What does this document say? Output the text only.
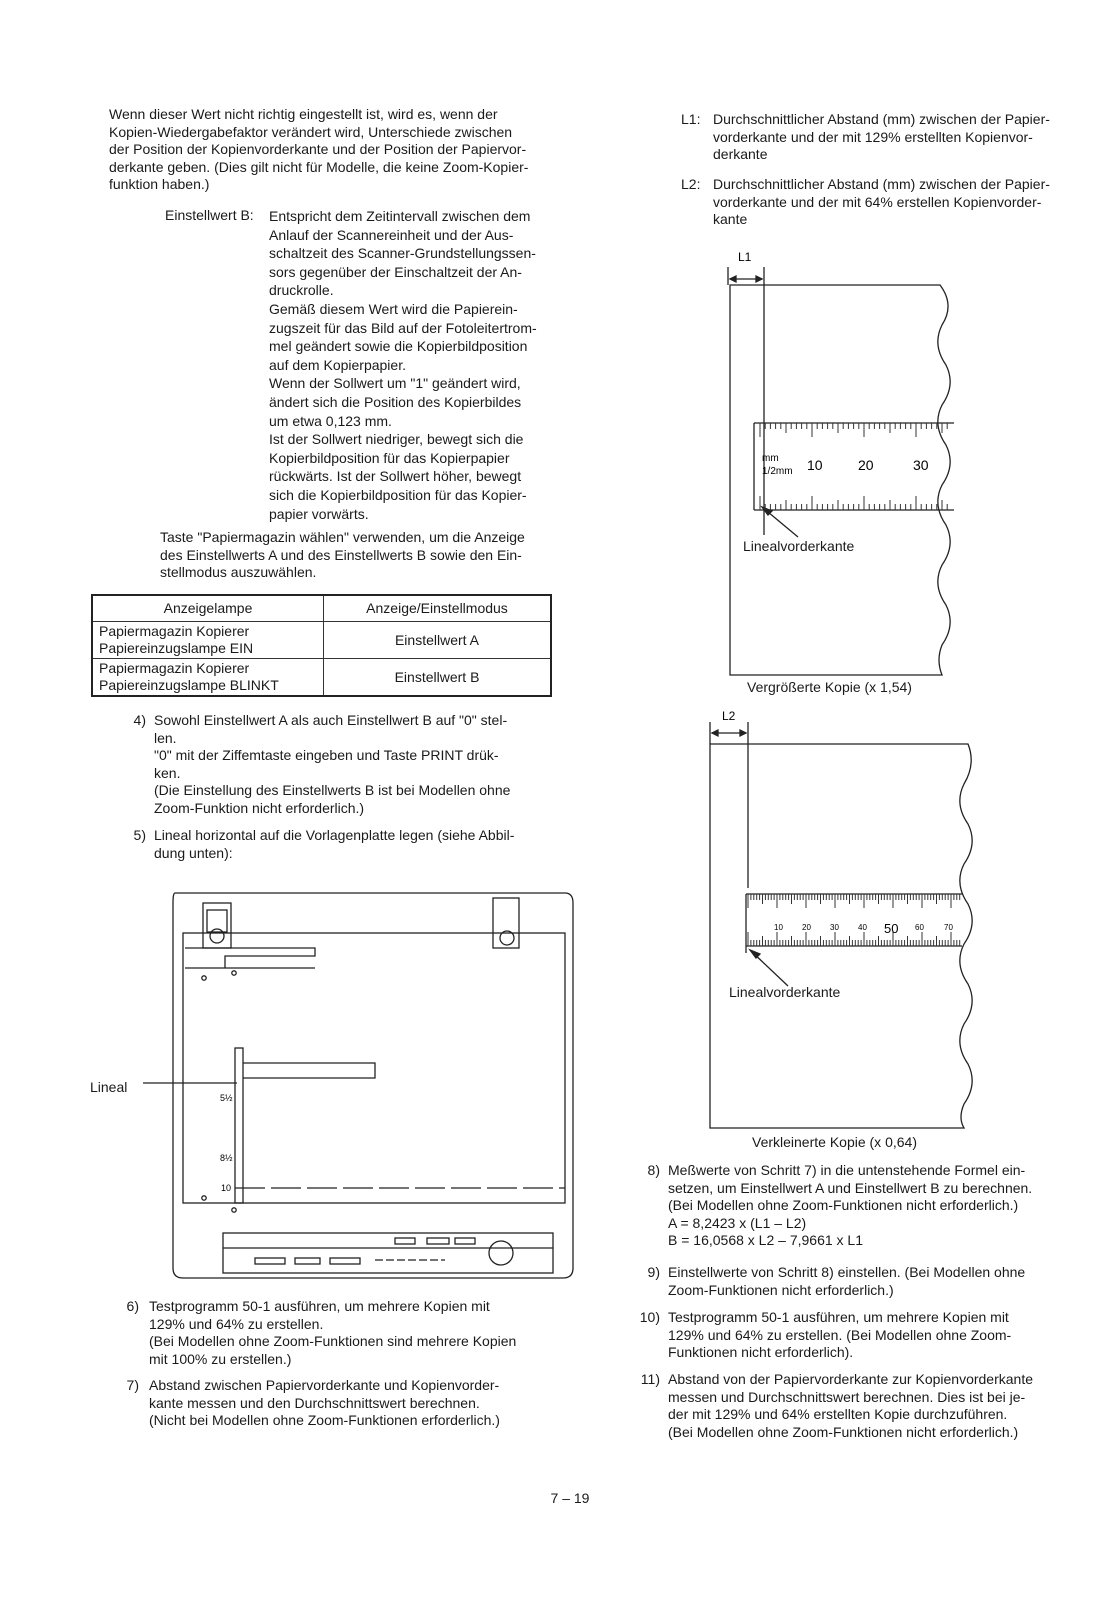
Wenn dieser Wert nicht richtig eingestellt ist, wird es, wenn der
Kopien-Wiedergabefaktor verändert wird, Unterschiede zwischen
der Position der Kopienvorderkante und der Position der Papiervor-
derkante geben. (Dies gilt nicht für Modelle, die keine Zoom-Kopier-
funktion haben.)
Einstellwert B: Entspricht dem Zeitintervall zwischen dem
Anlauf der Scannereinheit und der Aus-
schaltzeit des Scanner-Grundstellungssen-
sors gegenüber der Einschaltzeit der An-
druckrolle.
Gemäß diesem Wert wird die Papierein-
zugszeit für das Bild auf der Fotoleitertrom-
mel geändert sowie die Kopierbildposition
auf dem Kopierpapier.
Wenn der Sollwert um "1" geändert wird,
ändert sich die Position des Kopierbildes
um etwa 0,123 mm.
Ist der Sollwert niedriger, bewegt sich die
Kopierbildposition für das Kopierpapier
rückwärts. Ist der Sollwert höher, bewegt
sich die Kopierbildposition für das Kopier-
papier vorwärts.
Taste "Papiermagazin wählen" verwenden, um die Anzeige
des Einstellwerts A und des Einstellwerts B sowie den Ein-
stellmodus auszuwählen.
Anzeigelampe	Anzeige/Einstellmodus

Papiermagazin Kopierer
Papiereinzugslampe EIN	Einstellwert A

Papiermagazin Kopierer
Papiereinzugslampe BLINKT	Einstellwert B
4) Sowohl Einstellwert A als auch Einstellwert B auf "0" stel-
len.
"0" mit der Ziffemtaste eingeben und Taste PRINT drük-
ken.
(Die Einstellung des Einstellwerts B ist bei Modellen ohne
Zoom-Funktion nicht erforderlich.)
5) Lineal horizontal auf die Vorlagenplatte legen (siehe Abbil-
dung unten):
Lineal
5½
8½
10
6) Testprogramm 50-1 ausführen, um mehrere Kopien mit
129% und 64% zu erstellen.
(Bei Modellen ohne Zoom-Funktionen sind mehrere Kopien
mit 100% zu erstellen.)
7) Abstand zwischen Papiervorderkante und Kopienvorder-
kante messen und den Durchschnittswert berechnen.
(Nicht bei Modellen ohne Zoom-Funktionen erforderlich.)
L1: Durchschnittlicher Abstand (mm) zwischen der Papier-
vorderkante und der mit 129% erstellten Kopienvor-
derkante
L2: Durchschnittlicher Abstand (mm) zwischen der Papier-
vorderkante und der mit 64% erstellen Kopienvorder-
kante
mm
1/2mm 10	20	30
L1
Linealvorderkante
Vergrößerte Kopie (x 1,54)
10 20 30 40 50 60	70
L2
Linealvorderkante
Verkleinerte Kopie (x 0,64)
8) Meßwerte von Schritt 7) in die untenstehende Formel ein-
setzen, um Einstellwert A und Einstellwert B zu berechnen.
(Bei Modellen ohne Zoom-Funktionen nicht erforderlich.)
A = 8,2423 x (L1 – L2)
B = 16,0568 x L2 – 7,9661 x L1
9) Einstellwerte von Schritt 8) einstellen. (Bei Modellen ohne
Zoom-Funktionen nicht erforderlich.)
10) Testprogramm 50-1 ausführen, um mehrere Kopien mit
129% und 64% zu erstellen. (Bei Modellen ohne Zoom-
Funktionen nicht erforderlich).
11) Abstand von der Papiervorderkante zur Kopienvorderkante
messen und Durchschnittswert berechnen. Dies ist bei je-
der mit 129% und 64% erstellten Kopie durchzuführen.
(Bei Modellen ohne Zoom-Funktionen nicht erforderlich.)
7 – 19
